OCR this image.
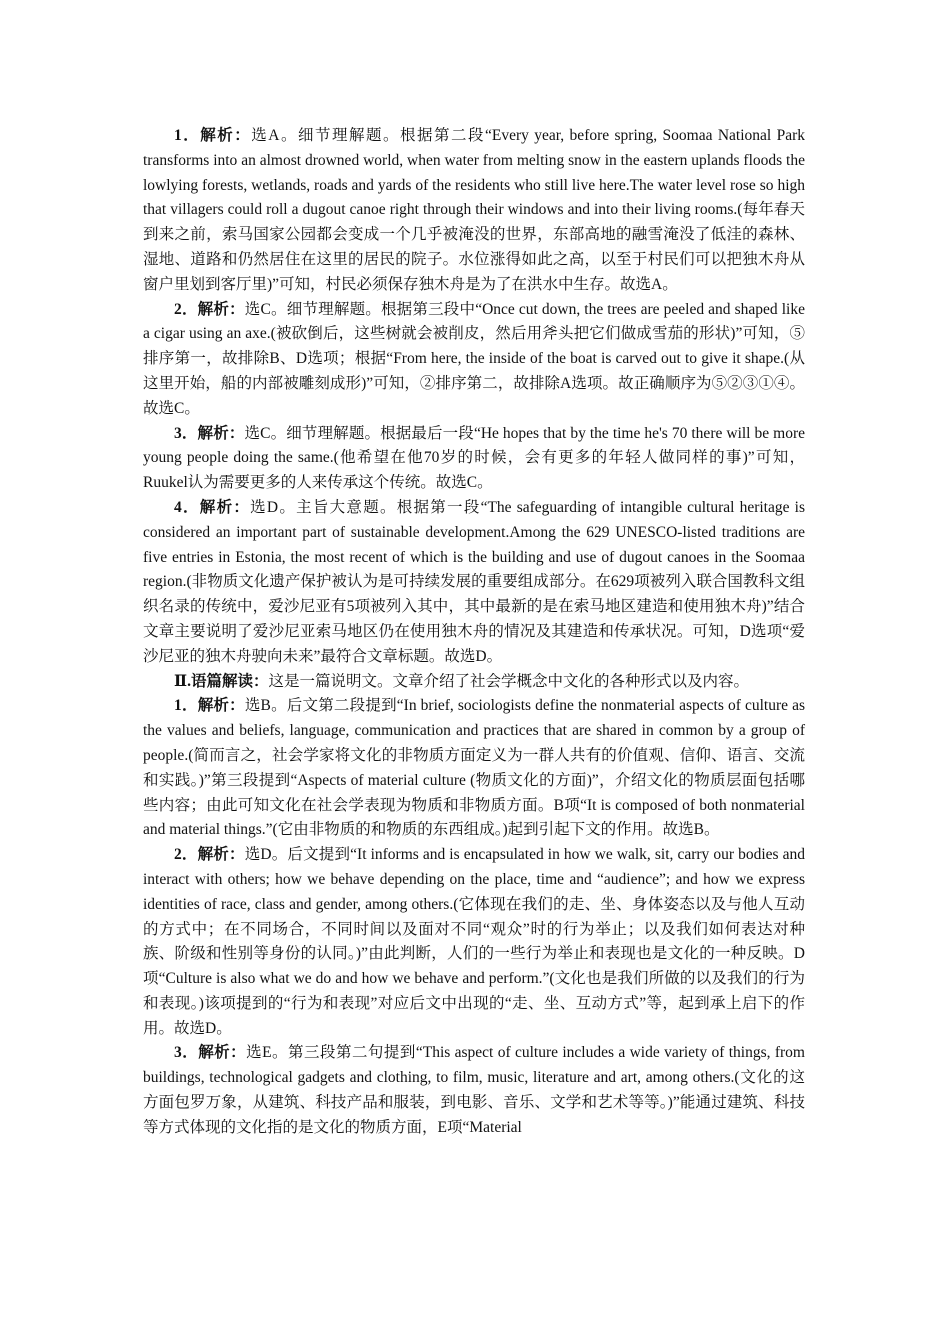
1．解析：选A。细节理解题。根据第二段“Every year, before spring, Soomaa National Park transforms into an almost drowned world, when water from melting snow in the eastern uplands floods the lowlying forests, wetlands, roads and yards of the residents who still live here.The water level rose so high that villagers could roll a dugout canoe right through their windows and into their living rooms.(每年春天到来之前，索马国家公园都会变成一个几乎被淹没的世界，东部高地的融雪淹没了低洼的森林、湿地、道路和仍然居住在这里的居民的院子。水位涨得如此之高，以至于村民们可以把独木舟从窗户里划到客厅里)”可知，村民必须保存独木舟是为了在洪水中生存。故选A。

2．解析：选C。细节理解题。根据第三段中“Once cut down, the trees are peeled and shaped like a cigar using an axe.(被砍倒后，这些树就会被削皮，然后用斧头把它们做成雪茄的形状)”可知，⑤排序第一，故排除B、D选项；根据“From here, the inside of the boat is carved out to give it shape.(从这里开始，船的内部被雕刻成形)”可知，②排序第二，故排除A选项。故正确顺序为⑤②③①④。故选C。

3．解析：选C。细节理解题。根据最后一段“He hopes that by the time he's 70 there will be more young people doing the same.(他希望在他70岁的时候，会有更多的年轻人做同样的事)”可知，Ruukel认为需要更多的人来传承这个传统。故选C。

4．解析：选D。主旨大意题。根据第一段“The safeguarding of intangible cultural heritage is considered an important part of sustainable development.Among the 629 UNESCO-listed traditions are five entries in Estonia, the most recent of which is the building and use of dugout canoes in the Soomaa region.(非物质文化遗产保护被认为是可持续发展的重要组成部分。在629项被列入联合国教科文组织名录的传统中，爱沙尼亚有5项被列入其中，其中最新的是在索马地区建造和使用独木舟)”结合文章主要说明了爱沙尼亚索马地区仍在使用独木舟的情况及其建造和传承状况。可知，D选项“爱沙尼亚的独木舟驶向未来”最符合文章标题。故选D。

Ⅱ.语篇解读：这是一篇说明文。文章介绍了社会学概念中文化的各种形式以及内容。

1．解析：选B。后文第二段提到“In brief, sociologists define the nonmaterial aspects of culture as the values and beliefs, language, communication and practices that are shared in common by a group of people.(简而言之，社会学家将文化的非物质方面定义为一群人共有的价值观、信仰、语言、交流和实践。)”第三段提到“Aspects of material culture (物质文化的方面)”，介绍文化的物质层面包括哪些内容；由此可知文化在社会学表现为物质和非物质方面。B项“It is composed of both nonmaterial and material things.”(它由非物质的和物质的东西组成。)起到引起下文的作用。故选B。

2．解析：选D。后文提到“It informs and is encapsulated in how we walk, sit, carry our bodies and interact with others; how we behave depending on the place, time and “audience”; and how we express identities of race, class and gender, among others.(它体现在我们的走、坐、身体姿态以及与他人互动的方式中；在不同场合，不同时间以及面对不同“观众”时的行为举止；以及我们如何表达对种族、阶级和性别等身份的认同。)”由此判断，人们的一些行为举止和表现也是文化的一种反映。D项“Culture is also what we do and how we behave and perform.”(文化也是我们所做的以及我们的行为和表现。)该项提到的“行为和表现”对应后文中出现的“走、坐、互动方式”等，起到承上启下的作用。故选D。

3．解析：选E。第三段第二句提到“This aspect of culture includes a wide variety of things, from buildings, technological gadgets and clothing, to film, music, literature and art, among others.(文化的这方面包罗万象，从建筑、科技产品和服装，到电影、音乐、文学和艺术等等。)”能通过建筑、科技等方式体现的文化指的是文化的物质方面，E项“Material
